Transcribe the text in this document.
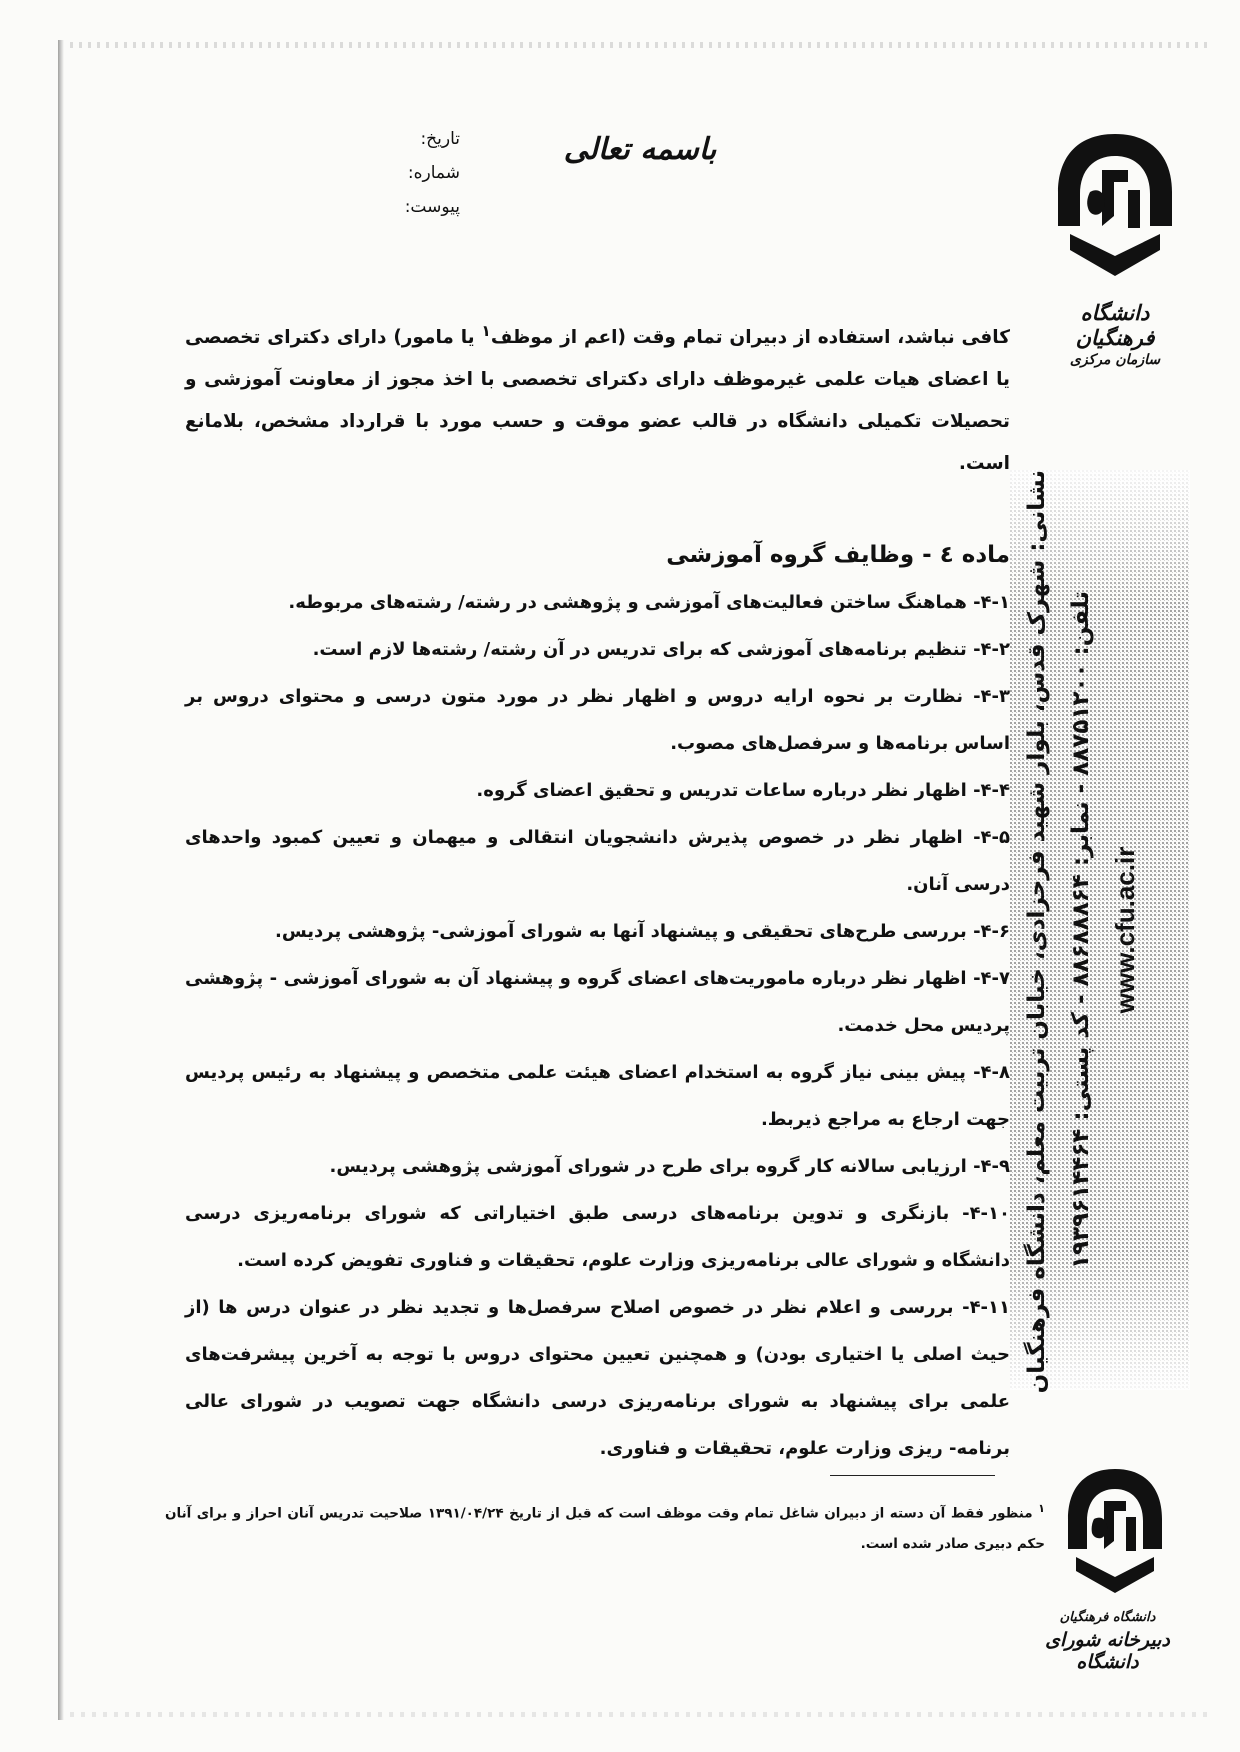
تاریخ:
شماره:
پیوست:
باسمه تعالی
دانشگاه فرهنگیان
سازمان مرکزی
نشانی: شهرک قدس، بلوار شهید فرحزادی، خیابان تربیت معلم، دانشگاه فرهنگیان تلفن: ۸۸۷۵۱۲۰۰ - نمابر: ۸۸۶۸۸۸۶۴ - کد پستی: ۱۹۳۹۶۱۴۴۶۴
www.cfu.ac.ir

کافی نباشد، استفاده از دبیران تمام وقت (اعم از موظف$^۱$ یا مامور) دارای دکترای تخصصی یا اعضای هیات علمی غیرموظف دارای دکترای تخصصی با اخذ مجوز از معاونت آموزشی و تحصیلات تکمیلی دانشگاه در قالب عضو موقت و حسب مورد با قرارداد مشخص، بلامانع است.

ماده ٤ - وظایف گروه آموزشی

۴-۱- هماهنگ ساختن فعالیت‌های آموزشی و پژوهشی در رشته/ رشته‌های مربوطه.

۴-۲- تنظیم برنامه‌های آموزشی که برای تدریس در آن رشته/ رشته‌ها لازم است.

۴-۳- نظارت بر نحوه ارایه دروس و اظهار نظر در مورد متون درسی و محتوای دروس بر اساس برنامه‌ها و سرفصل‌های مصوب.

۴-۴- اظهار نظر درباره ساعات تدریس و تحقیق اعضای گروه.

۴-۵- اظهار نظر در خصوص پذیرش دانشجویان انتقالی و میهمان و تعیین کمبود واحدهای درسی آنان.

۴-۶- بررسی طرح‌های تحقیقی و پیشنهاد آنها به شورای آموزشی- پژوهشی پردیس.

۴-۷- اظهار نظر درباره ماموریت‌های اعضای گروه و پیشنهاد آن به شورای آموزشی - پژوهشی پردیس محل خدمت.

۴-۸- پیش بینی نیاز گروه به استخدام اعضای هیئت علمی متخصص و پیشنهاد به رئیس پردیس جهت ارجاع به مراجع ذیربط.

۴-۹- ارزیابی سالانه کار گروه برای طرح در شورای آموزشی پژوهشی پردیس.

۴-۱۰- بازنگری و تدوین برنامه‌های درسی طبق اختیاراتی که شورای برنامه‌ریزی درسی دانشگاه و شورای عالی برنامه‌ریزی وزارت علوم، تحقیقات و فناوری تفویض کرده است.

۴-۱۱- بررسی و اعلام نظر در خصوص اصلاح سرفصل‌ها و تجدید نظر در عنوان درس ها (از حیث اصلی یا اختیاری بودن) و همچنین تعیین محتوای دروس با توجه به آخرین پیشرفت‌های علمی برای پیشنهاد به شورای برنامه‌ریزی درسی دانشگاه جهت تصویب در شورای عالی برنامه- ریزی وزارت علوم، تحقیقات و فناوری.

$^۱$ منظور فقط آن دسته از دبیران شاغل تمام وقت موظف است که قبل از تاریخ ۱۳۹۱/۰۴/۲۴ صلاحیت تدریس آنان احراز و برای آنان حکم دبیری صادر شده است.
دانشگاه فرهنگیان
دبیرخانه شورای دانشگاه
